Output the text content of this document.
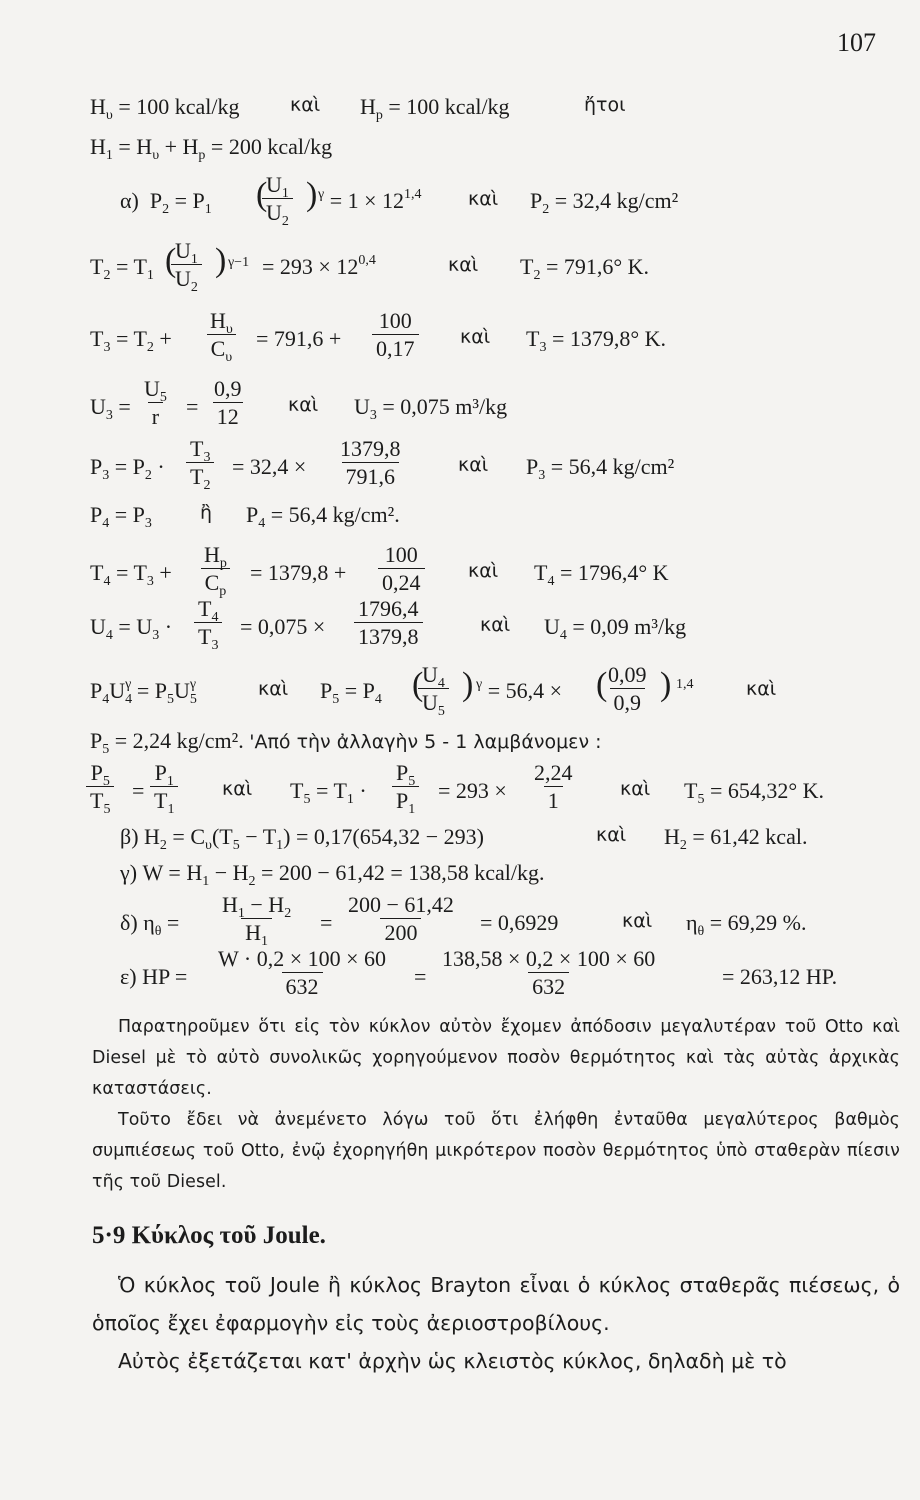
107
$H_\upsilon = 100$ kcal/kg	καὶ $H_p = 100$ kcal/kg	ἤτοι
$H_1 = H_\upsilon + H_p = 200$ kcal/kg
α)  $P_2 = P_1$ (
$\frac{U_1}{U_2}$ ) $^\gamma = 1 \times 12^{1,4}$ καὶ $P_2 = 32,4$ kg/cm²
$T_2 = T_1$ (
$\frac{U_1}{U_2}$ ) $\gamma-1 = 293 \times 12^{0,4}$	καὶ $T_2 = 791,6^\circ$ K.
$T_3 = T_2 + \frac{H_\upsilon}{C_\upsilon} = 791,6 + \frac{100}{0,17}$ καὶ $T_3 = 1379,8^\circ$ K.
$U_3 = \frac{U_5}{r} = \frac{0,9}{12}$ καὶ $U_3 = 0,075$ m³/kg
$P_3 = P_2 \cdot \frac{T_3}{T_2} = 32,4 \times \frac{1379,8}{791,6}$	καὶ $P_3 = 56,4$ kg/cm²
$P_4 = P_3$	ἢ $P_4 = 56,4$ kg/cm².
$T_4 = T_3 + \frac{H_p}{C_p} = 1379,8 + \frac{100}{0,24}$ καὶ $T_4 = 1796,4^\circ$ K
$U_4 = U_3 \cdot \frac{T_4}{T_3} = 0,075 \times \frac{1796,4}{1379,8}$	καὶ $U_4 = 0,09$ m³/kg
$P_4U_4^\gamma = P_5U_5^\gamma$	καὶ $P_5 = P_4$ (
$\frac{U_4}{U_5}$ ) $^\gamma$ = 56,4 × (
$\frac{0,09}{0,9}$ ) 1,4	καὶ
$P_5 = 2,24$ kg/cm². 'Από τὴν ἀλλαγὴν 5 - 1 λαμβάνομεν :
$\frac{P_5}{T_5} = \frac{P_1}{T_1}$ καὶ $T_5 = T_1 \cdot \frac{P_5}{P_1} = 293 \times \frac{2,24}{1}$ καὶ $T_5 = 654,32^\circ$ K.
β) $H_2 = C_\upsilon(T_5 - T_1) = 0,17(654,32 - 293)$	καὶ $H_2 = 61,42$ kcal.
γ) $W = H_1 - H_2 = 200 - 61,42 = 138,58$ kcal/kg.
δ) $\eta_\theta = \frac{H_1 - H_2}{H_1} = \frac{200 - 61,42}{200} = 0,6929$	καὶ $\eta_\theta = 69,29$ %.
ε) HP = $\frac{W \cdot 0,2 \times 100 \times 60}{632} = \frac{138,58 \times 0,2 \times 100 \times 60}{632}$	= 263,12 HP.
Παρατηροῦμεν ὅτι εἰς τὸν κύκλον αὐτὸν ἔχομεν ἀπόδοσιν μεγαλυτέραν τοῦ Otto καὶ Diesel μὲ τὸ αὐτὸ συνολικῶς χορηγούμενον ποσὸν θερμότητος καὶ τὰς αὐτὰς ἀρχικὰς καταστάσεις.
Τοῦτο ἔδει νὰ ἀνεμένετο λόγω τοῦ ὅτι ἐλήφθη ἐνταῦθα μεγαλύτερος βαθμὸς συμπιέσεως τοῦ Otto, ἐνῷ ἐχορηγήθη μικρότερον ποσὸν θερμότητος ὑπὸ σταθερὰν πίεσιν τῆς τοῦ Diesel.
5·9 Κύκλος τοῦ Joule.
Ὁ κύκλος τοῦ Joule ἢ κύκλος Brayton εἶναι ὁ κύκλος σταθερᾶς πιέσεως, ὁ ὁποῖος ἔχει ἐφαρμογὴν εἰς τοὺς ἀεριοστροβίλους.
Αὐτὸς ἐξετάζεται κατ' ἀρχὴν ὡς κλειστὸς κύκλος, δηλαδὴ μὲ τὸ
